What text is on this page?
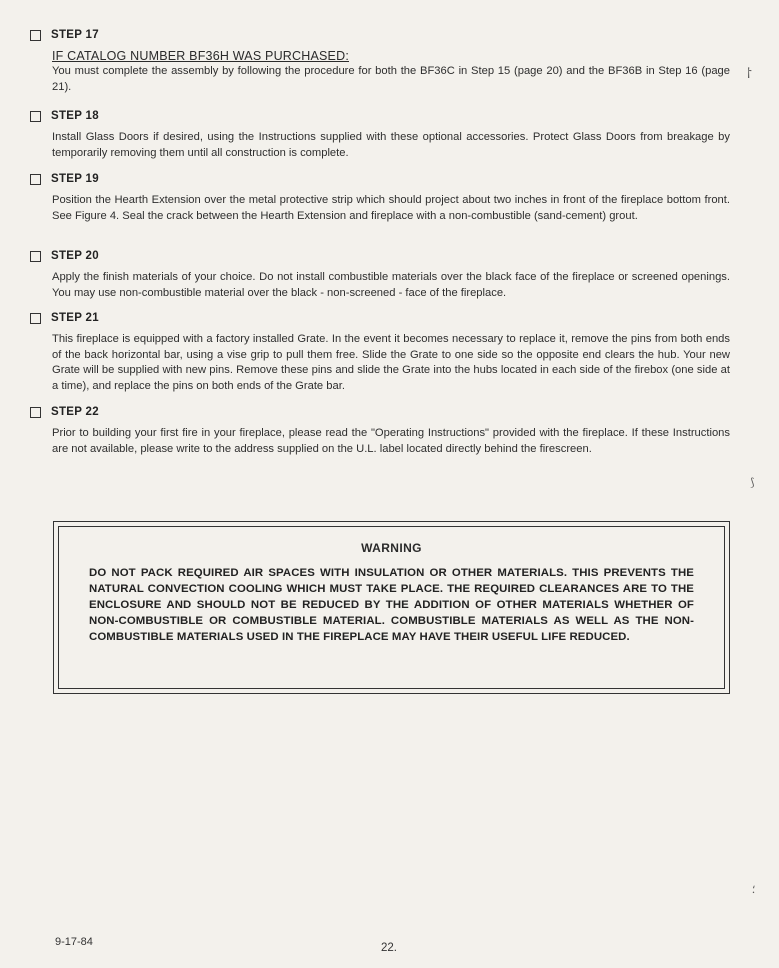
STEP 17
IF CATALOG NUMBER BF36H WAS PURCHASED:
You must complete the assembly by following the procedure for both the BF36C in Step 15 (page 20) and the BF36B in Step 16 (page 21).
STEP 18
Install Glass Doors if desired, using the Instructions supplied with these optional accessories. Protect Glass Doors from breakage by temporarily removing them until all construction is complete.
STEP 19
Position the Hearth Extension over the metal protective strip which should project about two inches in front of the fireplace bottom front. See Figure 4. Seal the crack between the Hearth Extension and fireplace with a non-combustible (sand-cement) grout.
STEP 20
Apply the finish materials of your choice. Do not install combustible materials over the black face of the fireplace or screened openings. You may use non-combustible material over the black - non-screened - face of the fireplace.
STEP 21
This fireplace is equipped with a factory installed Grate. In the event it becomes necessary to replace it, remove the pins from both ends of the back horizontal bar, using a vise grip to pull them free. Slide the Grate to one side so the opposite end clears the hub. Your new Grate will be supplied with new pins. Remove these pins and slide the Grate into the hubs located in each side of the firebox (one side at a time), and replace the pins on both ends of the Grate bar.
STEP 22
Prior to building your first fire in your fireplace, please read the "Operating Instructions" provided with the fireplace. If these Instructions are not available, please write to the address supplied on the U.L. label located directly behind the firescreen.
WARNING
DO NOT PACK REQUIRED AIR SPACES WITH INSULATION OR OTHER MATERIALS. THIS PREVENTS THE NATURAL CONVECTION COOLING WHICH MUST TAKE PLACE. THE REQUIRED CLEARANCES ARE TO THE ENCLOSURE AND SHOULD NOT BE REDUCED BY THE ADDITION OF OTHER MATERIALS WHETHER OF NON-COMBUSTIBLE OR COMBUSTIBLE MATERIAL. COMBUSTIBLE MATERIALS AS WELL AS THE NON-COMBUSTIBLE MATERIALS USED IN THE FIREPLACE MAY HAVE THEIR USEFUL LIFE REDUCED.
9-17-84	22.
⸷
⟆
⸵
